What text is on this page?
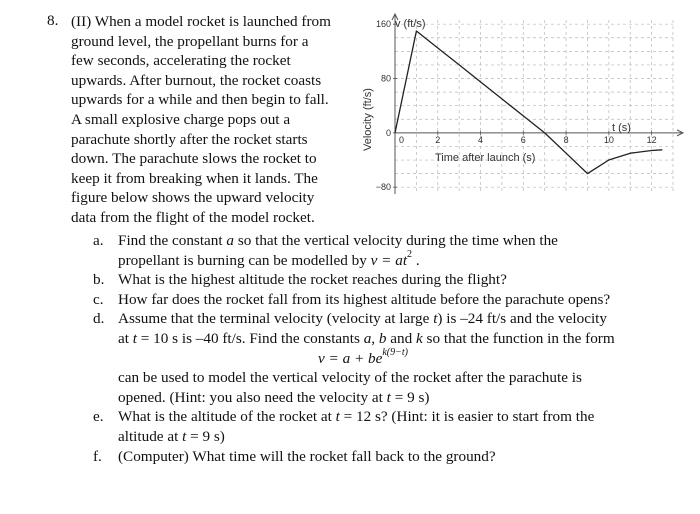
8. (II) When a model rocket is launched from
ground level, the propellant burns for a
few seconds, accelerating the rocket
upwards. After burnout, the rocket coasts
upwards for a while and then begin to fall.
A small explosive charge pops out a
parachute shortly after the rocket starts
down. The parachute slows the rocket to
keep it from breaking when it lands. The
figure below shows the upward velocity
data from the flight of the model rocket.
0	2	4	6	8	10	12
160
80
0
−80
v (ft/s)
t (s)
Velocity (ft/s)
Time after launch (s)
a. Find the constant a so that the vertical velocity during the time when the
propellant is burning can be modelled by $v = at^2$ .
b. What is the highest altitude the rocket reaches during the flight?
c. How far does the rocket fall from its highest altitude before the parachute opens?
d. Assume that the terminal velocity (velocity at large t) is –24 ft/s and the velocity
at t = 10 s is –40 ft/s. Find the constants a, b and k so that the function in the form
$v = a + be^{k(9-t)}$
can be used to model the vertical velocity of the rocket after the parachute is
opened. (Hint: you also need the velocity at t = 9 s)
e. What is the altitude of the rocket at t = 12 s? (Hint: it is easier to start from the
altitude at t = 9 s)
f. (Computer) What time will the rocket fall back to the ground?
